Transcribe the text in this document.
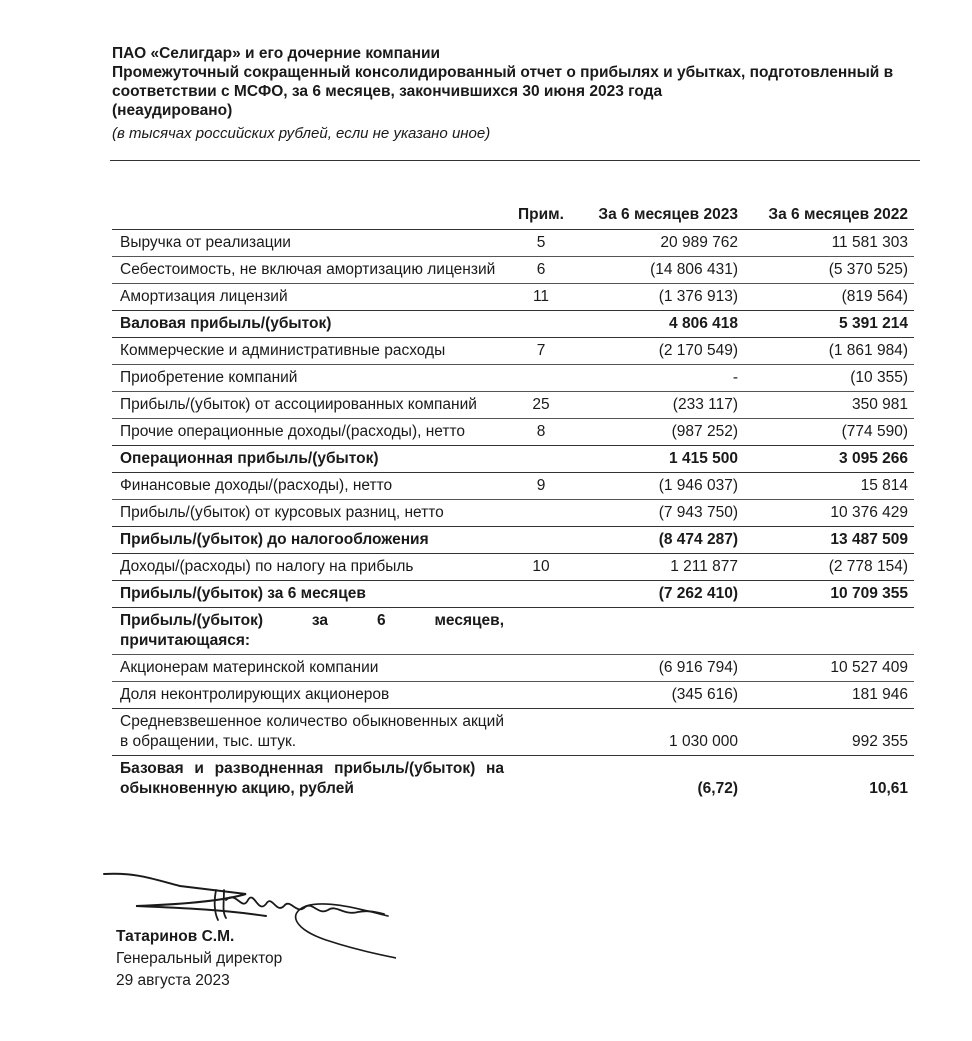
ПАО «Селигдар» и его дочерние компании
Промежуточный сокращенный консолидированный отчет о прибылях и убытках, подготовленный в
соответствии с МСФО, за 6 месяцев, закончившихся 30 июня 2023 года
(неаудировано)
(в тысячах российских рублей, если не указано иное)
	Прим.	За 6 месяцев 2023	За 6 месяцев 2022
Выручка от реализации	5	20 989 762	11 581 303
Себестоимость, не включая амортизацию лицензий	6	(14 806 431)	(5 370 525)
Амортизация лицензий	11	(1 376 913)	(819 564)
Валовая прибыль/(убыток)		4 806 418	5 391 214
Коммерческие и административные расходы	7	(2 170 549)	(1 861 984)
Приобретение компаний		-	(10 355)
Прибыль/(убыток) от ассоциированных компаний	25	(233 117)	350 981
Прочие операционные доходы/(расходы), нетто	8	(987 252)	(774 590)
Операционная прибыль/(убыток)		1 415 500	3 095 266
Финансовые доходы/(расходы), нетто	9	(1 946 037)	15 814
Прибыль/(убыток) от курсовых разниц, нетто		(7 943 750)	10 376 429
Прибыль/(убыток) до налогообложения		(8 474 287)	13 487 509
Доходы/(расходы) по налогу на прибыль	10	1 211 877	(2 778 154)
Прибыль/(убыток) за 6 месяцев		(7 262 410)	10 709 355
Прибыль/(убыток) за 6 месяцев, причитающаяся:			
Акционерам материнской компании		(6 916 794)	10 527 409
Доля неконтролирующих акционеров		(345 616)	181 946
Средневзвешенное количество обыкновенных акций в обращении, тыс. штук.		1 030 000	992 355
Базовая и разводненная прибыль/(убыток) на обыкновенную акцию, рублей		(6,72)	10,61
Татаринов С.М.
Генеральный директор
29 августа 2023
